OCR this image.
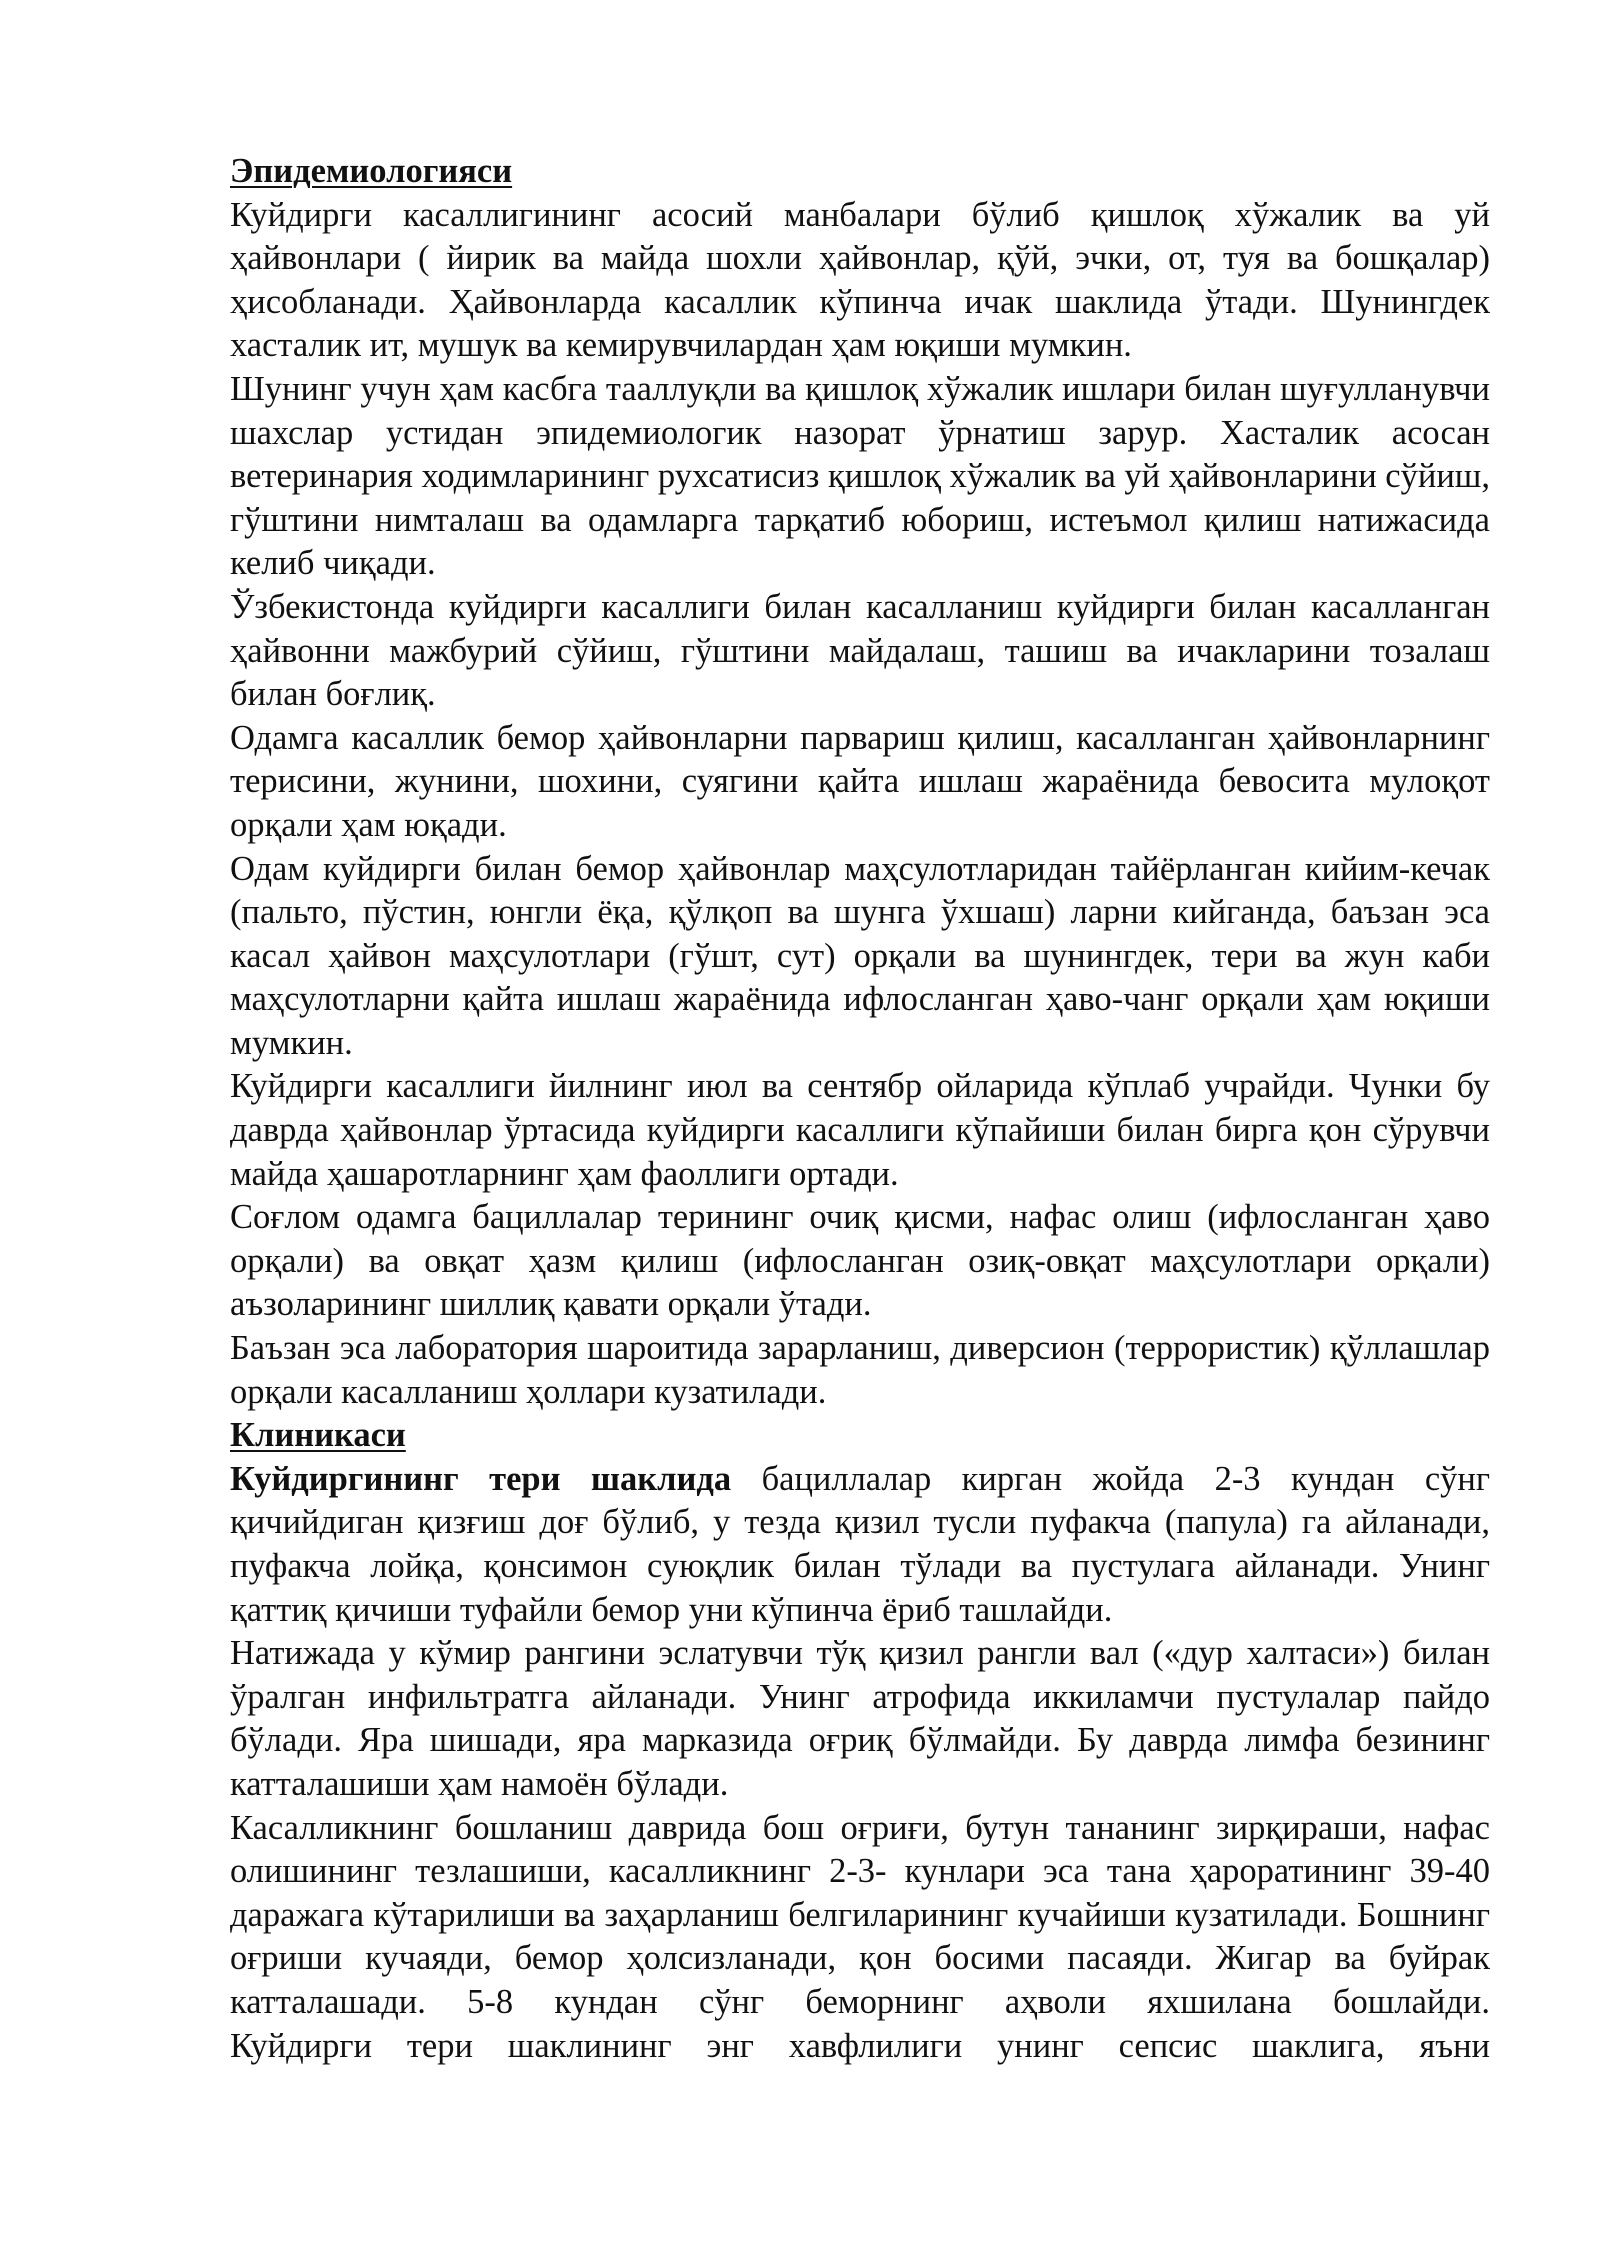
Эпидемиологияси

Куйдирги касаллигининг асосий манбалари бўлиб қишлоқ хўжалик ва уй ҳайвонлари ( йирик ва майда шохли ҳайвонлар, қўй, эчки, от, туя ва бошқалар) ҳисобланади. Ҳайвонларда касаллик кўпинча ичак шаклида ўтади. Шунингдек хасталик ит, мушук ва кемирувчилардан ҳам юқиши мумкин.

Шунинг учун ҳам касбга тааллуқли ва қишлоқ хўжалик ишлари билан шуғулланувчи шахслар устидан эпидемиологик назорат ўрнатиш зарур. Хасталик асосан ветеринария ходимларининг рухсатисиз қишлоқ хўжалик ва уй ҳайвонларини сўйиш, гўштини нимталаш ва одамларга тарқатиб юбориш, истеъмол қилиш натижасида келиб чиқади.

Ўзбекистонда куйдирги касаллиги билан касалланиш куйдирги билан касалланган ҳайвонни мажбурий сўйиш, гўштини майдалаш, ташиш ва ичакларини тозалаш билан боғлиқ.

Одамга касаллик бемор ҳайвонларни парвариш қилиш, касалланган ҳайвонларнинг терисини, жунини, шохини, суягини қайта ишлаш жараёнида бевосита мулоқот орқали ҳам юқади.

Одам куйдирги билан бемор ҳайвонлар маҳсулотларидан тайёрланган кийим-кечак (пальто, пўстин, юнгли ёқа, қўлқоп ва шунга ўхшаш) ларни кийганда, баъзан эса касал ҳайвон маҳсулотлари (гўшт, сут) орқали ва шунингдек, тери ва жун каби маҳсулотларни қайта ишлаш жараёнида ифлосланган ҳаво-чанг орқали ҳам юқиши мумкин.

Куйдирги касаллиги йилнинг июл ва сентябр ойларида кўплаб учрайди. Чунки бу даврда ҳайвонлар ўртасида куйдирги касаллиги кўпайиши билан бирга қон сўрувчи майда ҳашаротларнинг ҳам фаоллиги ортади.

Соғлом одамга бациллалар терининг очиқ қисми, нафас олиш (ифлосланган ҳаво орқали) ва овқат ҳазм қилиш (ифлосланган озиқ-овқат маҳсулотлари орқали) аъзоларининг шиллиқ қавати орқали ўтади.

Баъзан эса лаборатория шароитида зарарланиш, диверсион (террористик) қўллашлар орқали касалланиш ҳоллари кузатилади.

Клиникаси

Куйдиргининг тери шаклида бациллалар кирган жойда 2-3 кундан сўнг қичийдиган қизғиш доғ бўлиб, у тезда қизил тусли пуфакча (папула) га айланади, пуфакча лойқа, қонсимон суюқлик билан тўлади ва пустулага айланади. Унинг қаттиқ қичиши туфайли бемор уни кўпинча ёриб ташлайди.

Натижада у кўмир рангини эслатувчи тўқ қизил рангли вал («дур халтаси») билан ўралган инфильтратга айланади. Унинг атрофида иккиламчи пустулалар пайдо бўлади. Яра шишади, яра марказида оғриқ бўлмайди. Бу даврда лимфа безининг катталашиши ҳам намоён бўлади.

Касалликнинг бошланиш даврида бош оғриғи, бутун тананинг зирқираши, нафас олишининг тезлашиши, касалликнинг 2-3- кунлари эса тана ҳароратининг 39-40 даражага кўтарилиши ва заҳарланиш белгиларининг кучайиши кузатилади. Бошнинг оғриши кучаяди, бемор ҳолсизланади, қон босими пасаяди. Жигар ва буйрак катталашади. 5-8 кундан сўнг беморнинг аҳволи яхшилана бошлайди.

Куйдирги тери шаклининг энг хавфлилиги унинг сепсис шаклига, яъни
